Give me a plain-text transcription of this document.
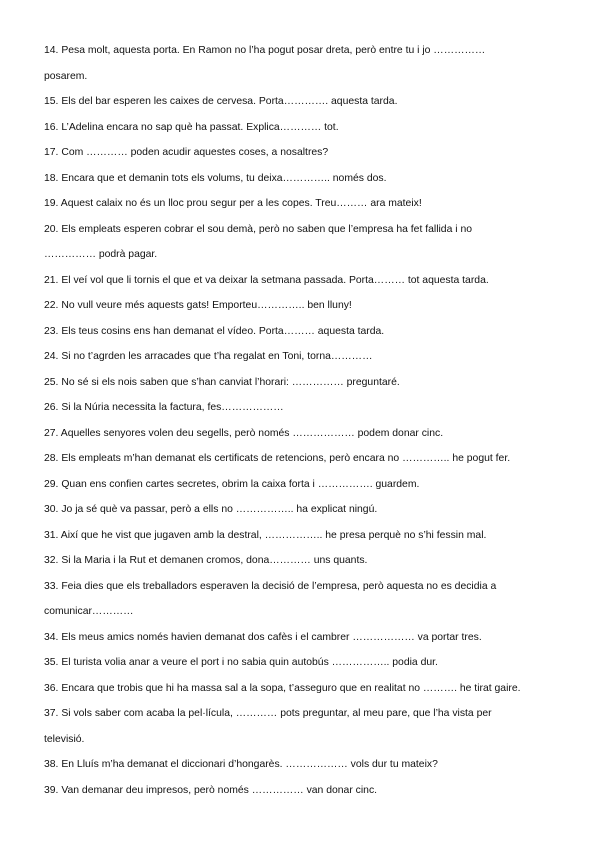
14. Pesa molt, aquesta porta. En Ramon no l’ha pogut posar dreta, però entre tu i jo ……………
posarem.
15. Els del bar esperen les caixes de cervesa. Porta…………. aquesta tarda.
16. L’Adelina encara no sap què ha passat. Explica………… tot.
17. Com ………… poden acudir aquestes coses, a nosaltres?
18. Encara que et demanin tots els volums, tu deixa………….. només dos.
19. Aquest calaix no és un lloc prou segur per a les copes. Treu……… ara mateix!
20. Els empleats esperen cobrar el sou demà, però no saben que l’empresa ha fet fallida i no
…………… podrà pagar.
21. El veí vol que li tornis el que et va deixar la setmana passada. Porta……… tot aquesta tarda.
22. No vull veure més aquests gats! Emporteu………….. ben lluny!
23. Els teus cosins ens han demanat el vídeo. Porta……… aquesta tarda.
24. Si no t’agrden les arracades que t’ha regalat en Toni, torna…………
25. No sé si els nois saben que s’han canviat l’horari: …………… preguntaré.
26. Si la Núria necessita la factura, fes………………
27. Aquelles senyores volen deu segells, però només ……………… podem donar cinc.
28. Els empleats m’han demanat els certificats de retencions, però encara no ………….. he pogut fer.
29. Quan ens confien cartes secretes, obrim la caixa forta i ……………. guardem.
30. Jo ja sé què va passar, però a ells no …………….. ha explicat ningú.
31. Així que he vist que jugaven amb la destral, …………….. he presa perquè no s’hi fessin mal.
32. Si la Maria i la Rut et demanen cromos, dona………… uns quants.
33. Feia dies que els treballadors esperaven la decisió de l’empresa, però aquesta no es decidia a
comunicar…………
34. Els meus amics només havien demanat dos cafès i el cambrer ……………… va portar tres.
35. El turista volia anar a veure el port i no sabia quin autobús …………….. podia dur.
36. Encara que trobis que hi ha massa sal a la sopa, t’asseguro que en realitat no ………. he tirat gaire.
37. Si vols saber com acaba la pel·lícula, ………… pots preguntar, al meu pare, que l’ha vista per
televisió.
38. En Lluís m’ha demanat el diccionari d’hongarès. ……………… vols dur tu mateix?
39. Van demanar deu impresos, però només …………… van donar cinc.
